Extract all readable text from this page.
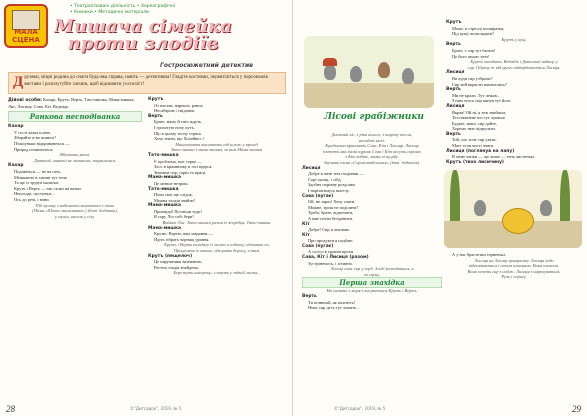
МАЛА СЦЕНА
• Театралізовані діяльність • Хореографічні
• Книжки • Методичні матеріали
Мишача сімейка
проти злодіїв
Гостросюжетний детектив
Д рузяки, міцні родина до снаги будь-яка справа, навіть — детективна! Глядіте костюми, перевтіліться у персонажів вистави і розплутуйте злочин, щоб відновити усеселіст!

Дійові особи: Кахарі, Крутъ, Верть, Тато-мишка, Мама-мишка, Лис, Лисиця, Сова, Кіт, Ведмідь.

Ранкова несподіванка

Кахар

У гості казка кличе,

Збирайте я-во шинелі!

Пташуньки відкриваються —

Природ починається.

Вбігають миші.

Дитячий, мишачі не залишили, порушилися.

Кахар

Подивіться — не на гать.

Мешкають в хатині тут тепа

Та ще із трудні малятка:

Крутъ і Верть — так схожі на ватки.

Непоєдці, пустунки...

Ось до речі, і вони.

Під музику з вибігають мишачата з гівми

(Пісня «Шокал мишенятко») (бит. додатки),

у сцени, висоли у сілу.

Крутъ

От настав, нарешті, ранок.

Несабаром і сніданок.

Верть

Брате, маму й тато ждуть.

І грохотую ночу путь.

Що в цьому тесну стрясь.

Хочу знати, що Хохайнос.!

Мишаченята висипають під ногою у прохід.

Тато-мишка і мама-мишка, за ним Мама-мишка.

Тато-мишка

Є проблема, моє серце —

Злос в крамничку в лісі вдерся.

Знизити сир, сарні та праці.

Мама-мишка

Це мєнше незрош.

Тато-мишка

Поки свої ще слідок,

Можна злодія знайти!

Мама-мишка

Прихвіди! Поспіши туди!

В гору Лєз собі бери!

Виймає Лис. Тато-мишки разом із жеребця. Тато-мишка.

Мама-мишка

Крутю, Вертю, вам завдання —

Йдіть зібрать чорнящ урання.

Крутъ і Верть колодягу із листа в собачку, обтатки по.

Процесять із макою, обгорить дорогу, а там.

Крутъ (пещелоч)

Це нарушники вазнавено,

Регтом злодія знайдемо,

Бережуть нагорощі, сливуть у задній листя...

28	©"Дитсадок", 2019, № 5
Лісові грабіжники

Дитячий ліс, з ріки всього, з широку тесла,

несадові моєї.

Крадькома кришпить Сова, Кіт і Лисиця. Лисиця

плететь вкь палкі курник Сова і Кіт несуть скриню

з Кіт кабіне, мама пі щорбу.

Звучить пісня «Сорокотабсоники» (бит. додаток).

Лисиця

Добре в мені тем сходинки —

Сорі грощі, і сібд,

Здобич порівну розділим

І нарізатимусь виселу.

Сова (пугає)

Ой, не зараз! Хочу спати.

Можне, трош не поділити?

Треба, брате, відпочити,

А вже потім безіденити.

Кіт

Добре! Сир я заховаю.

Кіт

Про продукти я подбаю.

Сова (пугає)

А сусісо в грошні крохи.

Сова, Кіт і Лисиця (разом)

Зустрінемось, і істинно.

Лисиці опис сир у горб. Злоді розходяться, а

за сцену.

Перша знахідка

На галивіні з моря з висувається Крутъ і Верть.

Верть

Ти понюхай, як пахнітть!

Нмає сир десь тут лежить...

Крутъ

Може, в стресці поширатьв,

Під кущі позаглядати?

Крутъ у кущ.

Верть

Брате, є сир тут багато!

Це його шукає тато!

Крутъ заходить, Ведмідь і Дятловий пайнер у

сир. Одразу ж від цього відвердивається Лисиця.

Лисиця

Ви куди сир узбрали?

Сир мій вкрасти намагались?

Верть

Ми не крали. Тут лежав...

З ним хтось сир кинув тут його.

Лисиця

Вкрав! Ой ні, я теж знайшла,

Тесстяжнене шо тут лукаша.

Будьте, маші, сир дайте,

Хоремо знає відкусити.

Верть

Той, хто хоче сир узяти,

Маєт гели чисті знати.

Лисиця (поглянув на лапу)

В мене лапки — ще лише — тень чистенькі.

Крутъ (тихо лисичину)

А у нас браслетки гарненькі.

Лисиця на Лисиці прикрашку. Лисиця ходи

відповікається і стала плиньвою. Вона плакала.

Вона хочеть сир з собою. Лисиця з нарахуваться.

Ручь і спрису.

©"Дитсадок", 2019, № 5	29
